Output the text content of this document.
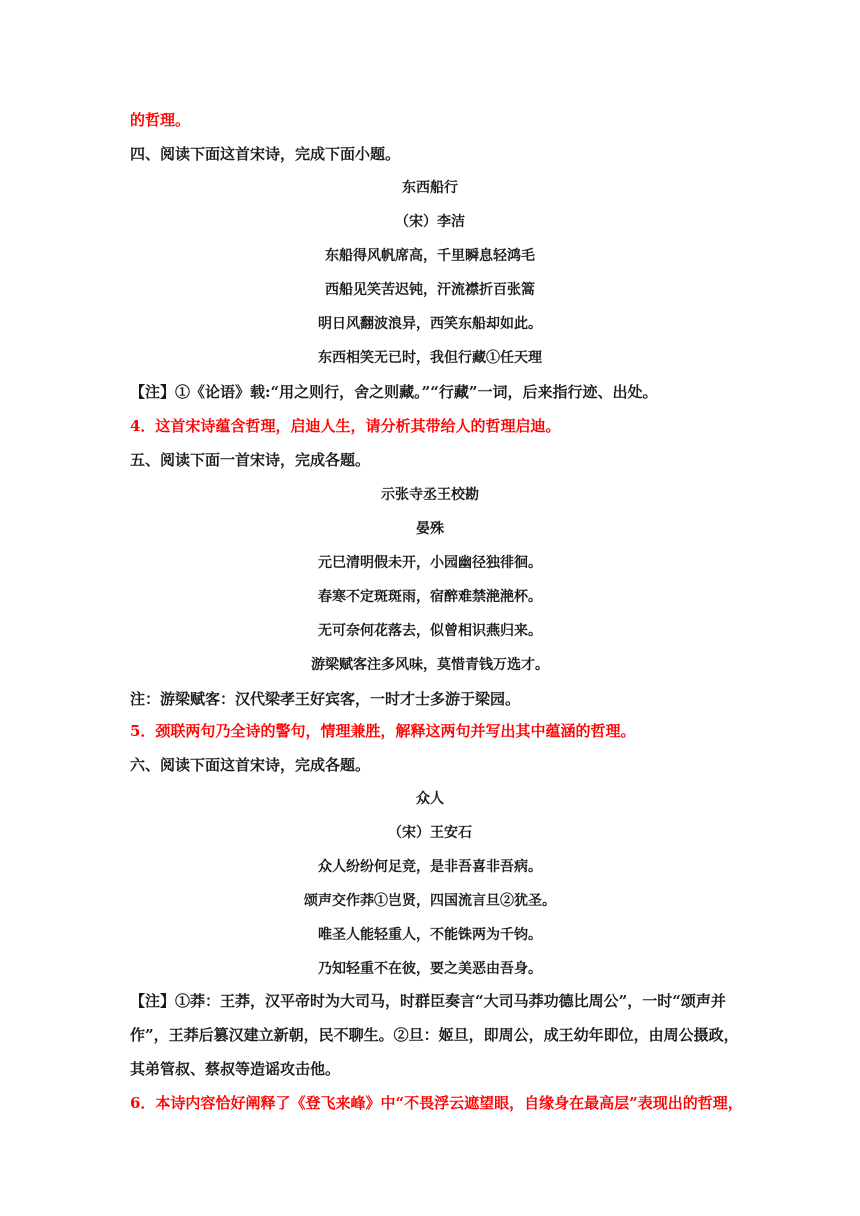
的哲理。
四、阅读下面这首宋诗，完成下面小题。
东西船行
（宋）李洁
东船得风帆席高，千里瞬息轻鸿毛
西船见笑苦迟钝，汗流襟折百张篙
明日风翻波浪异，西笑东船却如此。
东西相笑无已时，我但行藏①任天理
【注】①《论语》载:“用之则行，舍之则藏。”“行藏”一词，后来指行迹、出处。
4．这首宋诗蕴含哲理，启迪人生，请分析其带给人的哲理启迪。
五、阅读下面一首宋诗，完成各题。
示张寺丞王校勘
晏殊
元巳清明假未开，小园幽径独徘徊。
春寒不定斑斑雨，宿醉难禁滟滟杯。
无可奈何花落去，似曾相识燕归来。
游梁赋客注多风味，莫惜青钱万选才。
注：游梁赋客：汉代梁孝王好宾客，一时才士多游于梁园。
5．颈联两句乃全诗的警句，情理兼胜，解释这两句并写出其中蕴涵的哲理。
六、阅读下面这首宋诗，完成各题。
众人
（宋）王安石
众人纷纷何足竞，是非吾喜非吾病。
颂声交作莽①岂贤，四国流言旦②犹圣。
唯圣人能轻重人，不能铢两为千钧。
乃知轻重不在彼，要之美恶由吾身。
【注】①莽：王莽，汉平帝时为大司马，时群臣奏言“大司马莽功德比周公”，一时“颂声并
作”，王莽后篡汉建立新朝，民不聊生。②旦：姬旦，即周公，成王幼年即位，由周公摄政，
其弟管叔、蔡叔等造谣攻击他。
6．本诗内容恰好阐释了《登飞来峰》中“不畏浮云遮望眼，自缘身在最高层”表现出的哲理，
